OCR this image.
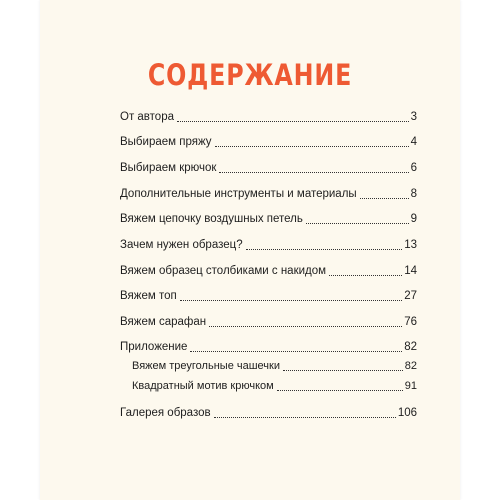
СОДЕРЖАНИЕ
От автора	3
Выбираем пряжу	4
Выбираем крючок	6
Дополнительные инструменты и материалы	8
Вяжем цепочку воздушных петель	9
Зачем нужен образец?	13
Вяжем образец столбиками с накидом	14
Вяжем топ	27
Вяжем сарафан	76
Приложение	82
Вяжем треугольные чашечки	82
Квадратный мотив крючком	91
Галерея образов	106
